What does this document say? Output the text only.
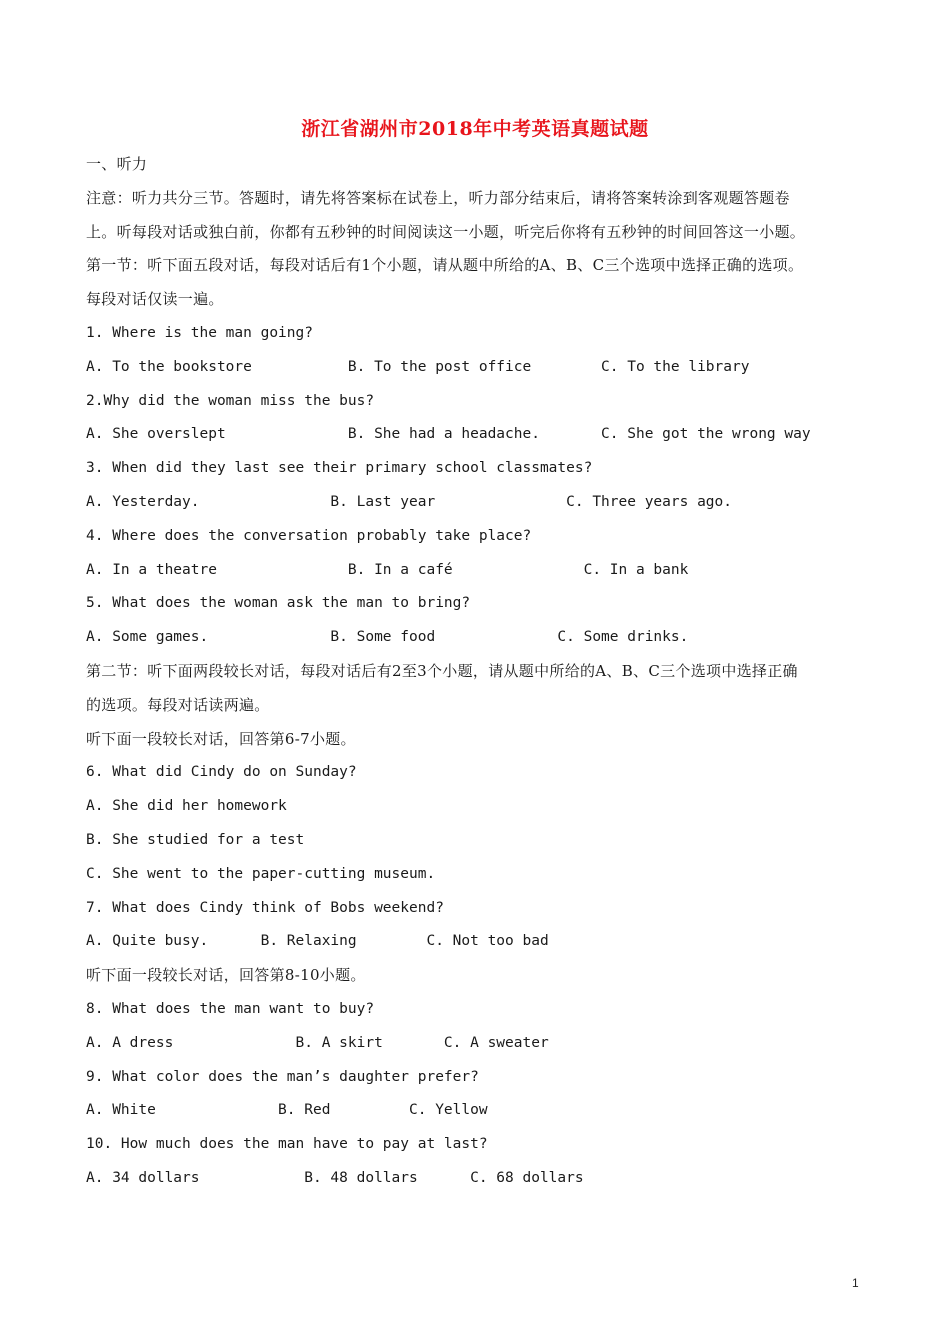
浙江省湖州市2018年中考英语真题试题
一、听力
注意：听力共分三节。答题时，请先将答案标在试卷上，听力部分结束后，请将答案转涂到客观题答题卷
上。听每段对话或独白前，你都有五秒钟的时间阅读这一小题，听完后你将有五秒钟的时间回答这一小题。
第一节：听下面五段对话，每段对话后有1个小题，请从题中所给的A、B、C三个选项中选择正确的选项。
每段对话仅读一遍。
1. Where is the man going?
A. To the bookstore           B. To the post office        C. To the library
2.Why did the woman miss the bus?
A. She overslept              B. She had a headache.       C. She got the wrong way
3. When did they last see their primary school classmates?
A. Yesterday.               B. Last year               C. Three years ago.
4. Where does the conversation probably take place?
A. In a theatre               B. In a café               C. In a bank
5. What does the woman ask the man to bring?
A. Some games.              B. Some food              C. Some drinks.
第二节：听下面两段较长对话，每段对话后有2至3个小题，请从题中所给的A、B、C三个选项中选择正确
的选项。每段对话读两遍。
听下面一段较长对话，回答第6-7小题。
6. What did Cindy do on Sunday?
A. She did her homework
B. She studied for a test
C. She went to the paper-cutting museum.
7. What does Cindy think of Bobs weekend?
A. Quite busy.      B. Relaxing        C. Not too bad
听下面一段较长对话，回答第8-10小题。
8. What does the man want to buy?
A. A dress              B. A skirt       C. A sweater
9. What color does the man’s daughter prefer?
A. White              B. Red         C. Yellow
10. How much does the man have to pay at last?
A. 34 dollars            B. 48 dollars      C. 68 dollars
1
